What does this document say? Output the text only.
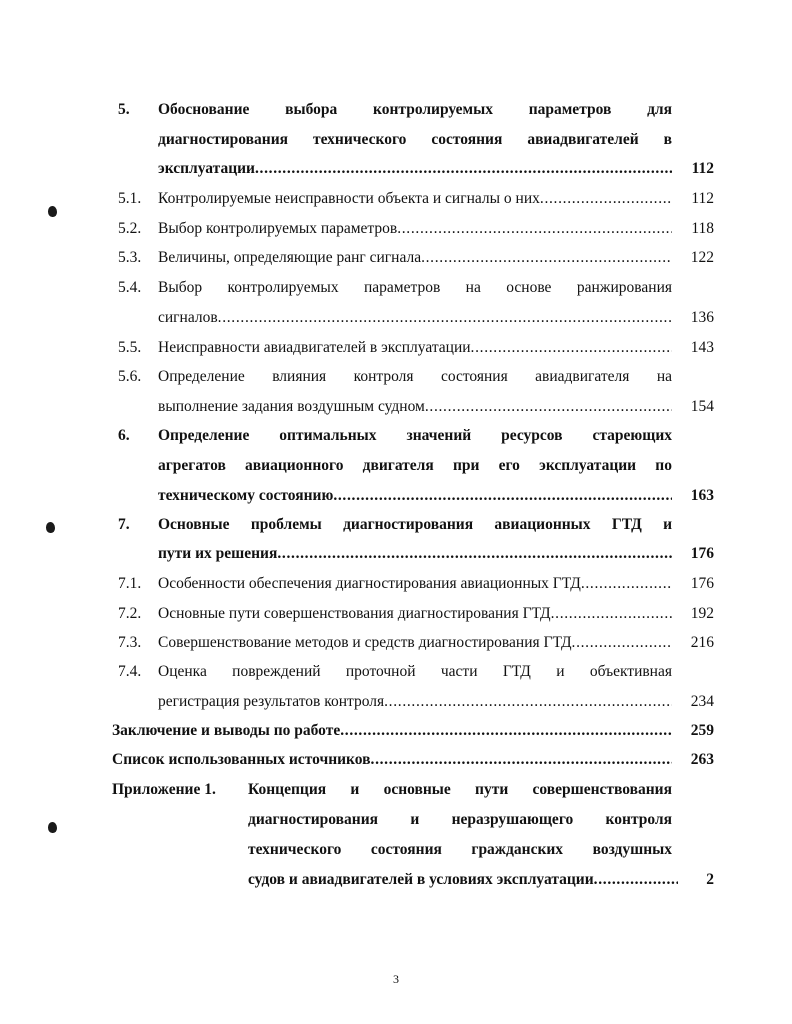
5. Обоснование выбора контролируемых параметров для
диагностирования технического состояния авиадвигателей в
эксплуатации . . .	112
5.1. Контролируемые неисправности объекта и сигналы о них . . .	112
5.2. Выбор контролируемых параметров . . .	118
5.3. Величины, определяющие ранг сигнала . . .	122
5.4. Выбор контролируемых параметров на основе ранжирования
сигналов . . .	136
5.5. Неисправности авиадвигателей в эксплуатации . . .	143
5.6. Определение влияния контроля состояния авиадвигателя на
выполнение задания воздушным судном . . .	154
6. Определение оптимальных значений ресурсов стареющих
агрегатов авиационного двигателя при его эксплуатации по
техническому состоянию . . .	163
7. Основные проблемы диагностирования авиационных ГТД и
пути их решения . . .	176
7.1. Особенности обеспечения диагностирования авиационных ГТД . . .	176
7.2. Основные пути совершенствования диагностирования ГТД . . .	192
7.3. Совершенствование методов и средств диагностирования ГТД . . .	216
7.4. Оценка повреждений проточной части ГТД и объективная
регистрация результатов контроля . . .	234
Заключение и выводы по работе . . .	259
Список использованных источников . . .	263
Приложение 1. Концепция и основные пути совершенствования
диагностирования и неразрушающего контроля
технического состояния гражданских воздушных
судов и авиадвигателей в условиях эксплуатации . . .	2
3
